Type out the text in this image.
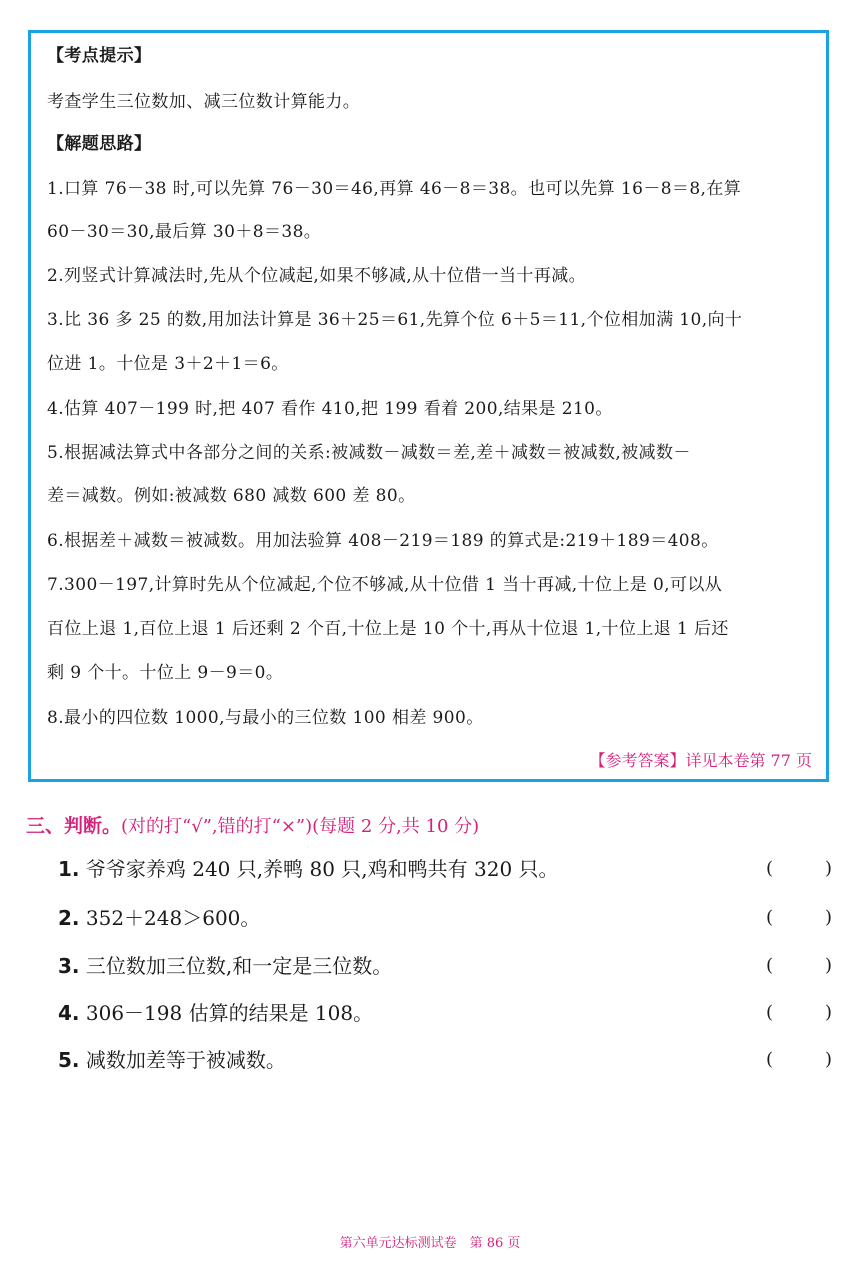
【考点提示】
考查学生三位数加、减三位数计算能力。
【解题思路】
1.口算 76－38 时,可以先算 76－30＝46,再算 46－8＝38。也可以先算 16－8＝8,在算
60－30＝30,最后算 30＋8＝38。
2.列竖式计算减法时,先从个位减起,如果不够减,从十位借一当十再减。
3.比 36 多 25 的数,用加法计算是 36＋25＝61,先算个位 6＋5＝11,个位相加满 10,向十
位进 1。十位是 3＋2＋1＝6。
4.估算 407－199 时,把 407 看作 410,把 199 看着 200,结果是 210。
5.根据减法算式中各部分之间的关系:被减数－减数＝差,差＋减数＝被减数,被减数－
差＝减数。例如:被减数 680 减数 600 差 80。
6.根据差＋减数＝被减数。用加法验算 408－219＝189 的算式是:219＋189＝408。
7.300－197,计算时先从个位减起,个位不够减,从十位借 1 当十再减,十位上是 0,可以从
百位上退 1,百位上退 1 后还剩 2 个百,十位上是 10 个十,再从十位退 1,十位上退 1 后还
剩 9 个十。十位上 9－9＝0。
8.最小的四位数 1000,与最小的三位数 100 相差 900。
【参考答案】详见本卷第 77 页
三、判断。(对的打“√”,错的打“×”)(每题 2 分,共 10 分)
1. 爷爷家养鸡 240 只,养鸭 80 只,鸡和鸭共有 320 只。	(	)
2. 352＋248＞600。	(	)
3. 三位数加三位数,和一定是三位数。	(	)
4. 306－198 估算的结果是 108。	(	)
5. 减数加差等于被减数。	(	)
第六单元达标测试卷　第 86 页
